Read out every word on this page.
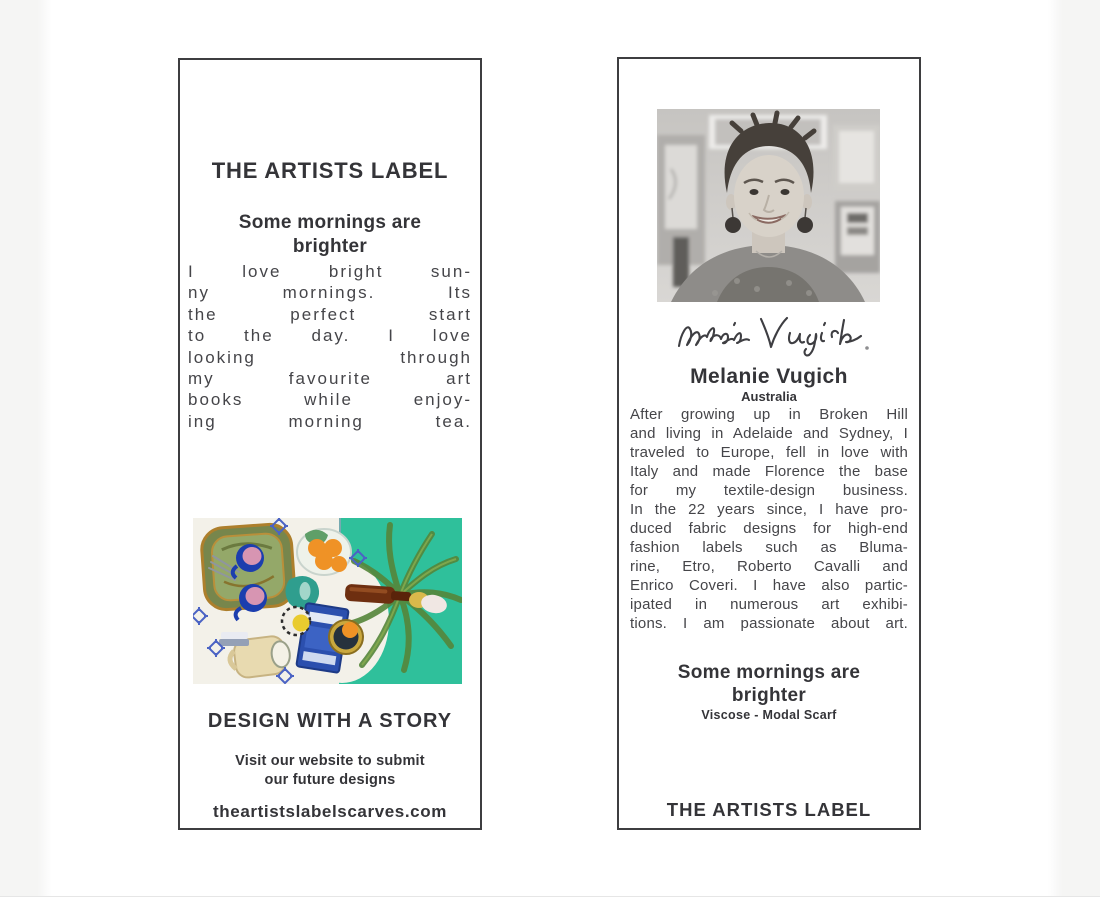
THE ARTISTS LABEL
Some mornings are
brighter
I love bright sun-
ny mornings. Its
the perfect start
to the day. I love
looking through
my favourite art
books while enjoy-
ing morning tea.
DESIGN WITH A STORY
Visit our website to submit
our future designs
theartistslabelscarves.com
Melanie Vugich
Australia
After growing up in Broken Hill
and living in Adelaide and Sydney, I
traveled to Europe, fell in love with
Italy and made Florence the base
for my textile-design business.
In the 22 years since, I have pro-
duced fabric designs for high-end
fashion labels such as Bluma-
rine, Etro, Roberto Cavalli and
Enrico Coveri. I have also partic-
ipated in numerous art exhibi-
tions. I am passionate about art.
Some mornings are
brighter
Viscose - Modal Scarf
THE ARTISTS LABEL
